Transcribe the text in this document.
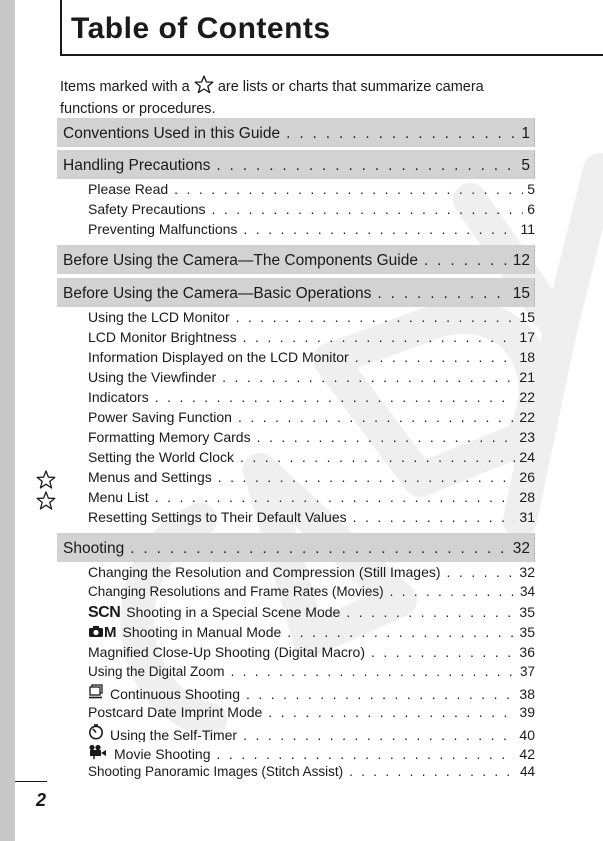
Table of Contents
Items marked with a are lists or charts that summarize camera functions or procedures.
Conventions Used in this Guide . . .	1
Handling Precautions . . .	5
Please Read . . .	5
Safety Precautions . . .	6
Preventing Malfunctions . . .	11
Before Using the Camera—The Components Guide . . .	12
Before Using the Camera—Basic Operations . . .	15
Using the LCD Monitor . . .	15
LCD Monitor Brightness . . .	17
Information Displayed on the LCD Monitor . . .	18
Using the Viewfinder . . .	21
Indicators . . .	22
Power Saving Function . . .	22
Formatting Memory Cards . . .	23
Setting the World Clock . . .	24
Menus and Settings . . .	26
Menu List . . .	28
Resetting Settings to Their Default Values . . .	31
Shooting . . .	32
Changing the Resolution and Compression (Still Images) . . .	32
Changing Resolutions and Frame Rates (Movies) . . .	34
SCN Shooting in a Special Scene Mode . . .	35
M Shooting in Manual Mode . . .	35
Magnified Close-Up Shooting (Digital Macro) . . .	36
Using the Digital Zoom . . .	37
Continuous Shooting . . .	38
Postcard Date Imprint Mode . . .	39
Using the Self-Timer . . .	40
Movie Shooting . . .	42
Shooting Panoramic Images (Stitch Assist) . . .	44
2
